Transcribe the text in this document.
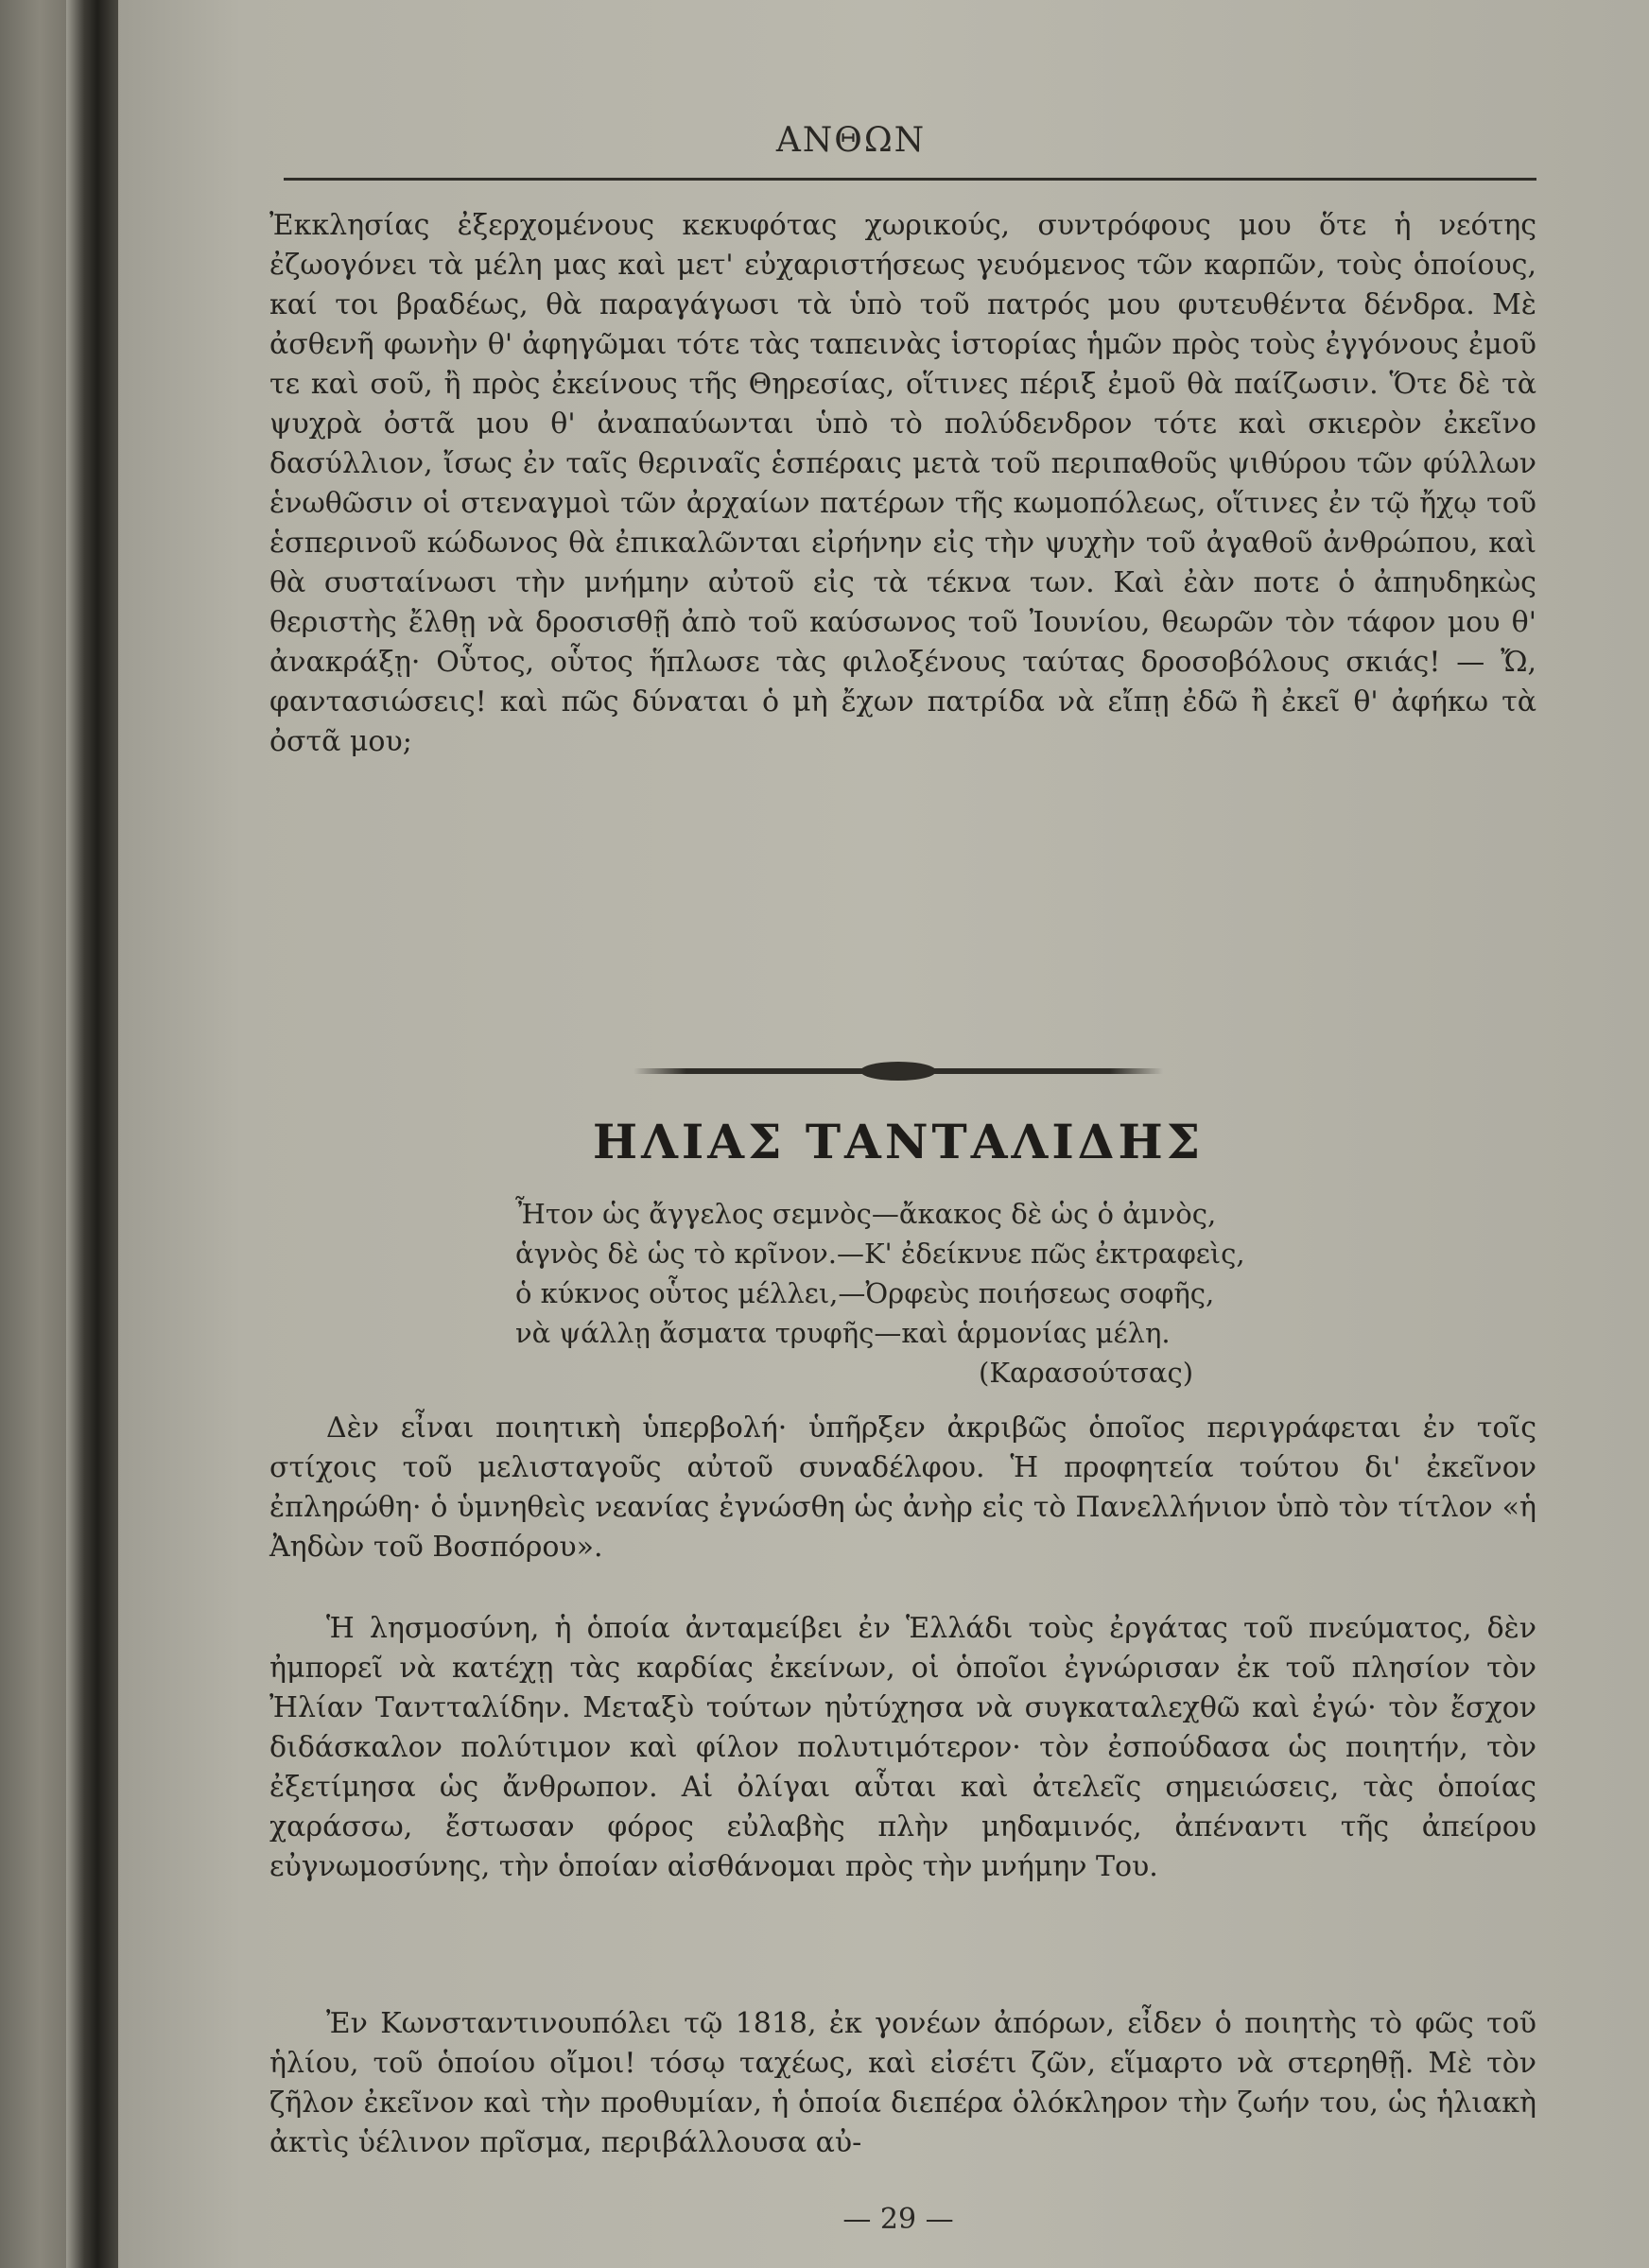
ΑΝΘΩΝ

Ἐκκλησίας ἐξερχομένους κεκυφότας χωρικούς, συντρόφους μου ὅτε ἡ νεότης ἐζωογόνει τὰ μέλη μας καὶ μετ' εὐχαριστήσεως γευόμενος τῶν καρπῶν, τοὺς ὁποίους, καί τοι βραδέως, θὰ παραγάγωσι τὰ ὑπὸ τοῦ πατρός μου φυτευθέντα δένδρα. Μὲ ἀσθενῆ φωνὴν θ' ἀφηγῶμαι τότε τὰς ταπεινὰς ἱστορίας ἡμῶν πρὸς τοὺς ἐγγόνους ἐμοῦ τε καὶ σοῦ, ἢ πρὸς ἐκείνους τῆς Θηρεσίας, οἵτινες πέριξ ἐμοῦ θὰ παίζωσιν. Ὅτε δὲ τὰ ψυχρὰ ὀστᾶ μου θ' ἀναπαύωνται ὑπὸ τὸ πολύδενδρον τότε καὶ σκιερὸν ἐκεῖνο δασύλλιον, ἴσως ἐν ταῖς θεριναῖς ἑσπέραις μετὰ τοῦ περιπαθοῦς ψιθύρου τῶν φύλλων ἑνωθῶσιν οἱ στεναγμοὶ τῶν ἀρχαίων πατέρων τῆς κωμοπόλεως, οἵτινες ἐν τῷ ἤχῳ τοῦ ἑσπερινοῦ κώδωνος θὰ ἐπικαλῶνται εἰρήνην εἰς τὴν ψυχὴν τοῦ ἀγαθοῦ ἀνθρώπου, καὶ θὰ συσταίνωσι τὴν μνήμην αὐτοῦ εἰς τὰ τέκνα των. Καὶ ἐὰν ποτε ὁ ἀπηυδηκὼς θεριστὴς ἔλθῃ νὰ δροσισθῇ ἀπὸ τοῦ καύσωνος τοῦ Ἰουνίου, θεωρῶν τὸν τάφον μου θ' ἀνακράξῃ· Οὗτος, οὗτος ἥπλωσε τὰς φιλοξένους ταύτας δροσοβόλους σκιάς! — Ὤ, φαντασιώσεις! καὶ πῶς δύναται ὁ μὴ ἔχων πατρίδα νὰ εἴπῃ ἐδῶ ἢ ἐκεῖ θ' ἀφήκω τὰ ὀστᾶ μου;

ΗΛΙΑΣ ΤΑΝΤΑΛΙΔΗΣ
Ἦτον ὡς ἄγγελος σεμνὸς—ἄκακος δὲ ὡς ὁ ἀμνὸς,
ἁγνὸς δὲ ὡς τὸ κρῖνον.—Κ' ἐδείκνυε πῶς ἐκτραφεὶς,
ὁ κύκνος οὗτος μέλλει,—Ὀρφεὺς ποιήσεως σοφῆς,
νὰ ψάλλῃ ἄσματα τρυφῆς—καὶ ἁρμονίας μέλη.
(Καρασούτσας)

Δὲν εἶναι ποιητικὴ ὑπερβολή· ὑπῆρξεν ἀκριβῶς ὁποῖος περιγράφεται ἐν τοῖς στίχοις τοῦ μελισταγοῦς αὐτοῦ συναδέλφου. Ἡ προφητεία τούτου δι' ἐκεῖνον ἐπληρώθη· ὁ ὑμνηθεὶς νεανίας ἐγνώσθη ὡς ἀνὴρ εἰς τὸ Πανελλήνιον ὑπὸ τὸν τίτλον «ἡ Ἀηδὼν τοῦ Βοσπόρου».

Ἡ λησμοσύνη, ἡ ὁποία ἀνταμείβει ἐν Ἑλλάδι τοὺς ἐργάτας τοῦ πνεύματος, δὲν ἠμπορεῖ νὰ κατέχῃ τὰς καρδίας ἐκείνων, οἱ ὁποῖοι ἐγνώρισαν ἐκ τοῦ πλησίον τὸν Ἠλίαν Ταντταλίδην. Μεταξὺ τούτων ηὐτύχησα νὰ συγκαταλεχθῶ καὶ ἐγώ· τὸν ἔσχον διδάσκαλον πολύτιμον καὶ φίλον πολυτιμότερον· τὸν ἐσπούδασα ὡς ποιητήν, τὸν ἐξετίμησα ὡς ἄνθρωπον. Αἱ ὀλίγαι αὗται καὶ ἀτελεῖς σημειώσεις, τὰς ὁποίας χαράσσω, ἔστωσαν φόρος εὐλαβὴς πλὴν μηδαμινός, ἀπέναντι τῆς ἀπείρου εὐγνωμοσύνης, τὴν ὁποίαν αἰσθάνομαι πρὸς τὴν μνήμην Του.

Ἐν Κωνσταντινουπόλει τῷ 1818, ἐκ γονέων ἀπόρων, εἶδεν ὁ ποιητὴς τὸ φῶς τοῦ ἡλίου, τοῦ ὁποίου οἴμοι! τόσῳ ταχέως, καὶ εἰσέτι ζῶν, εἵμαρτο νὰ στερηθῇ. Μὲ τὸν ζῆλον ἐκεῖνον καὶ τὴν προθυμίαν, ἡ ὁποία διεπέρα ὁλόκληρον τὴν ζωήν του, ὡς ἡλιακὴ ἀκτὶς ὑέλινον πρῖσμα, περιβάλλουσα αὐ-

— 29 —
